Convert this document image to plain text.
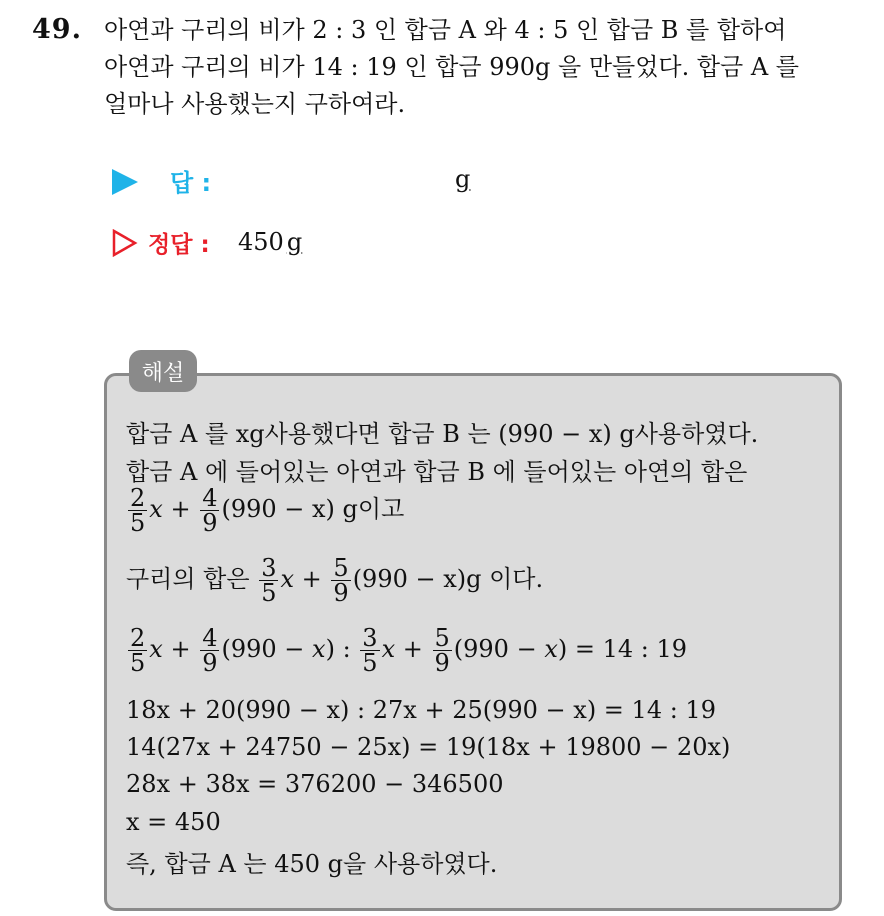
49. 아연과 구리의 비가 2 : 3 인 합금 A 와 4 : 5 인 합금 B 를 합하여
아연과 구리의 비가 14 : 19 인 합금 990g 을 만들었다. 합금 A 를
얼마나 사용했는지 구하여라.
답 :	g
정답 : 450 g
해설
합금 A 를 xg사용했다면 합금 B 는 (990 − x) g사용하였다.
합금 A 에 들어있는 아연과 합금 B 에 들어있는 아연의 합은
$\frac{2}{5}$ $x + \frac{4}{9} (990 - x)$ g이고
구리의 합은 $\frac{3}{5}$ $x + \frac{5}{9} (990 - x)g$ 이다.
$\frac{2}{5}$ $x + \frac{4}{9} (990 - x)$ : $\frac{3}{5}$ $x + \frac{5}{9} (990 - x) = 14$ : 19
18x + 20(990 − x) : 27x + 25(990 − x) = 14 : 19
14(27x + 24750 − 25x) = 19(18x + 19800 − 20x)
28x + 38x = 376200 − 346500
x = 450
즉, 합금 A 는 450 g을 사용하였다.
